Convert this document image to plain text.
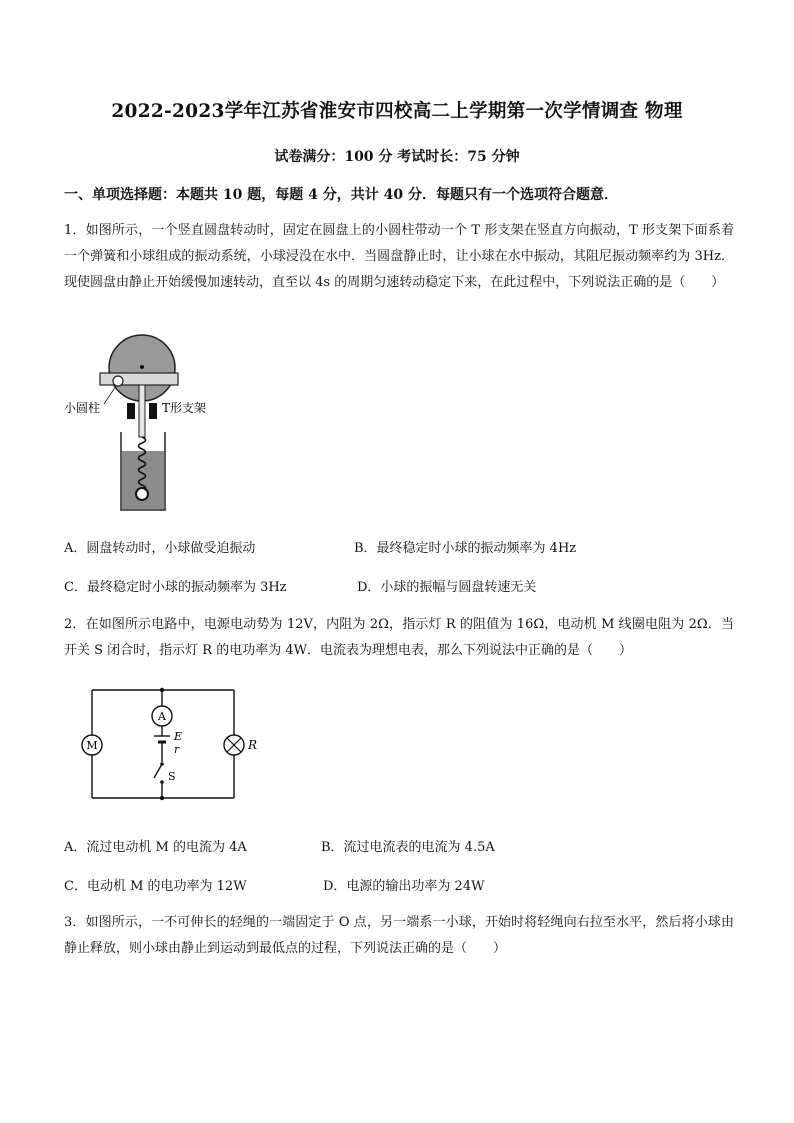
2022-2023学年江苏省淮安市四校高二上学期第一次学情调查 物理
试卷满分：100 分 考试时长：75 分钟
一、单项选择题：本题共 10 题，每题 4 分，共计 40 分．每题只有一个选项符合题意．
1．如图所示，一个竖直圆盘转动时，固定在圆盘上的小圆柱带动一个 T 形支架在竖直方向振动，T 形支架下面系着一个弹簧和小球组成的振动系统，小球浸没在水中．当圆盘静止时，让小球在水中振动，其阻尼振动频率约为 3Hz．现使圆盘由静止开始缓慢加速转动，直至以 4s 的周期匀速转动稳定下来，在此过程中，下列说法正确的是（　　）
小圆柱	T形支架
A．圆盘转动时，小球做受迫振动	B．最终稳定时小球的振动频率为 4Hz
C．最终稳定时小球的振动频率为 3Hz	D．小球的振幅与圆盘转速无关
2．在如图所示电路中，电源电动势为 12V，内阻为 2Ω，指示灯 R 的阻值为 16Ω，电动机 M 线圈电阻为 2Ω．当开关 S 闭合时，指示灯 R 的电功率为 4W．电流表为理想电表，那么下列说法中正确的是（　　）
M	R
A
E
r
S
A．流过电动机 M 的电流为 4A	B．流过电流表的电流为 4.5A
C．电动机 M 的电功率为 12W	D．电源的输出功率为 24W
3．如图所示，一不可伸长的轻绳的一端固定于 O 点，另一端系一小球，开始时将轻绳向右拉至水平，然后将小球由静止释放，则小球由静止到运动到最低点的过程，下列说法正确的是（　　）
